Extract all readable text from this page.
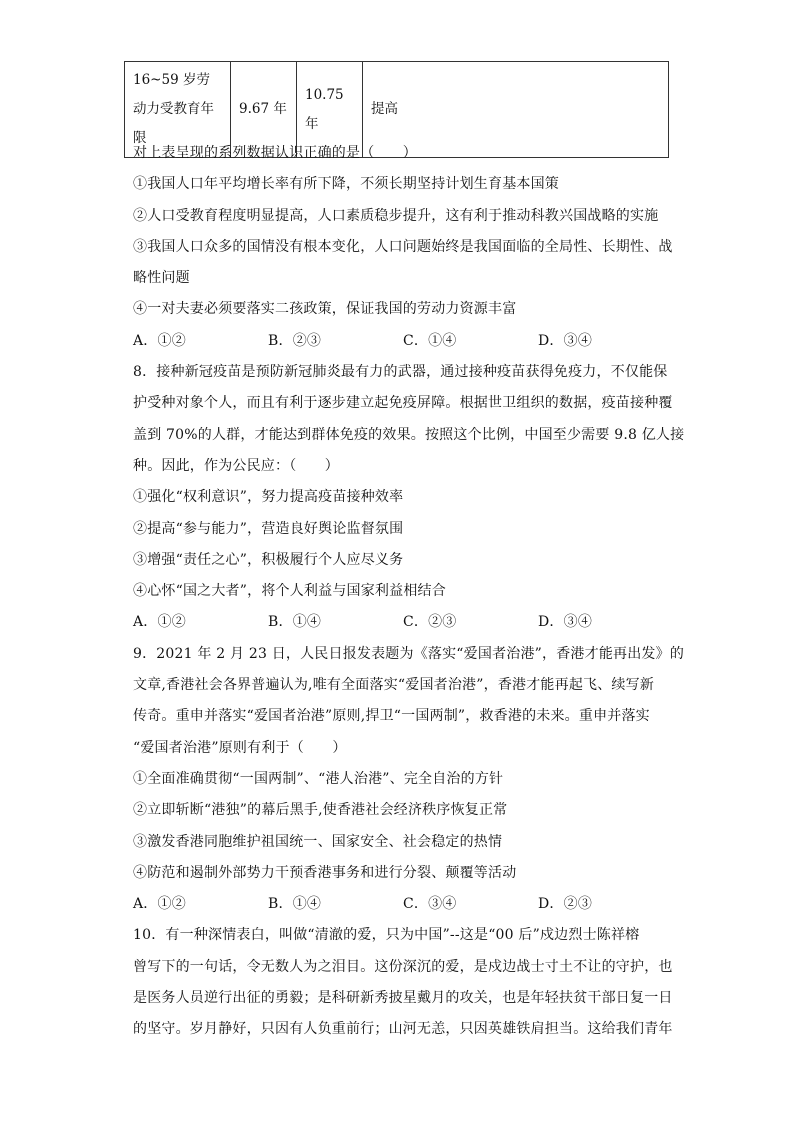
16~59 岁劳动力受教育年限	9.67 年	10.75 年	提高
对上表呈现的系列数据认识正确的是（　　）
①我国人口年平均增长率有所下降，不须长期坚持计划生育基本国策
②人口受教育程度明显提高，人口素质稳步提升，这有利于推动科教兴国战略的实施
③我国人口众多的国情没有根本变化，人口问题始终是我国面临的全局性、长期性、战
略性问题
④一对夫妻必须要落实二孩政策，保证我国的劳动力资源丰富
A．①②	B．②③	C．①④	D．③④
8．接种新冠疫苗是预防新冠肺炎最有力的武器，通过接种疫苗获得免疫力，不仅能保
护受种对象个人，而且有利于逐步建立起免疫屏障。根据世卫组织的数据，疫苗接种覆
盖到 70%的人群，才能达到群体免疫的效果。按照这个比例，中国至少需要 9.8 亿人接
种。因此，作为公民应：（　　）
①强化“权利意识”，努力提高疫苗接种效率
②提高“参与能力”，营造良好舆论监督氛围
③增强“责任之心”，积极履行个人应尽义务
④心怀“国之大者”，将个人利益与国家利益相结合
A．①②	B．①④	C．②③	D．③④
9．2021 年 2 月 23 日，人民日报发表题为《落实“爱国者治港”，香港才能再出发》的
文章,香港社会各界普遍认为,唯有全面落实“爱国者治港”，香港才能再起飞、续写新
传奇。重申并落实“爱国者治港”原则,捍卫“一国两制”，救香港的未来。重申并落实
“爱国者治港”原则有利于（　　）
①全面准确贯彻“一国两制”、“港人治港”、完全自治的方针
②立即斩断“港独”的幕后黑手,使香港社会经济秩序恢复正常
③激发香港同胞维护祖国统一、国家安全、社会稳定的热情
④防范和遏制外部势力干预香港事务和进行分裂、颠覆等活动
A．①②	B．①④	C．③④	D．②③
10．有一种深情表白，叫做“清澈的爱，只为中国”--这是“00 后”戍边烈士陈祥榕
曾写下的一句话，令无数人为之泪目。这份深沉的爱，是戍边战士寸土不让的守护，也
是医务人员逆行出征的勇毅；是科研新秀披星戴月的攻关，也是年轻扶贫干部日复一日
的坚守。岁月静好，只因有人负重前行；山河无恙，只因英雄铁肩担当。这给我们青年
